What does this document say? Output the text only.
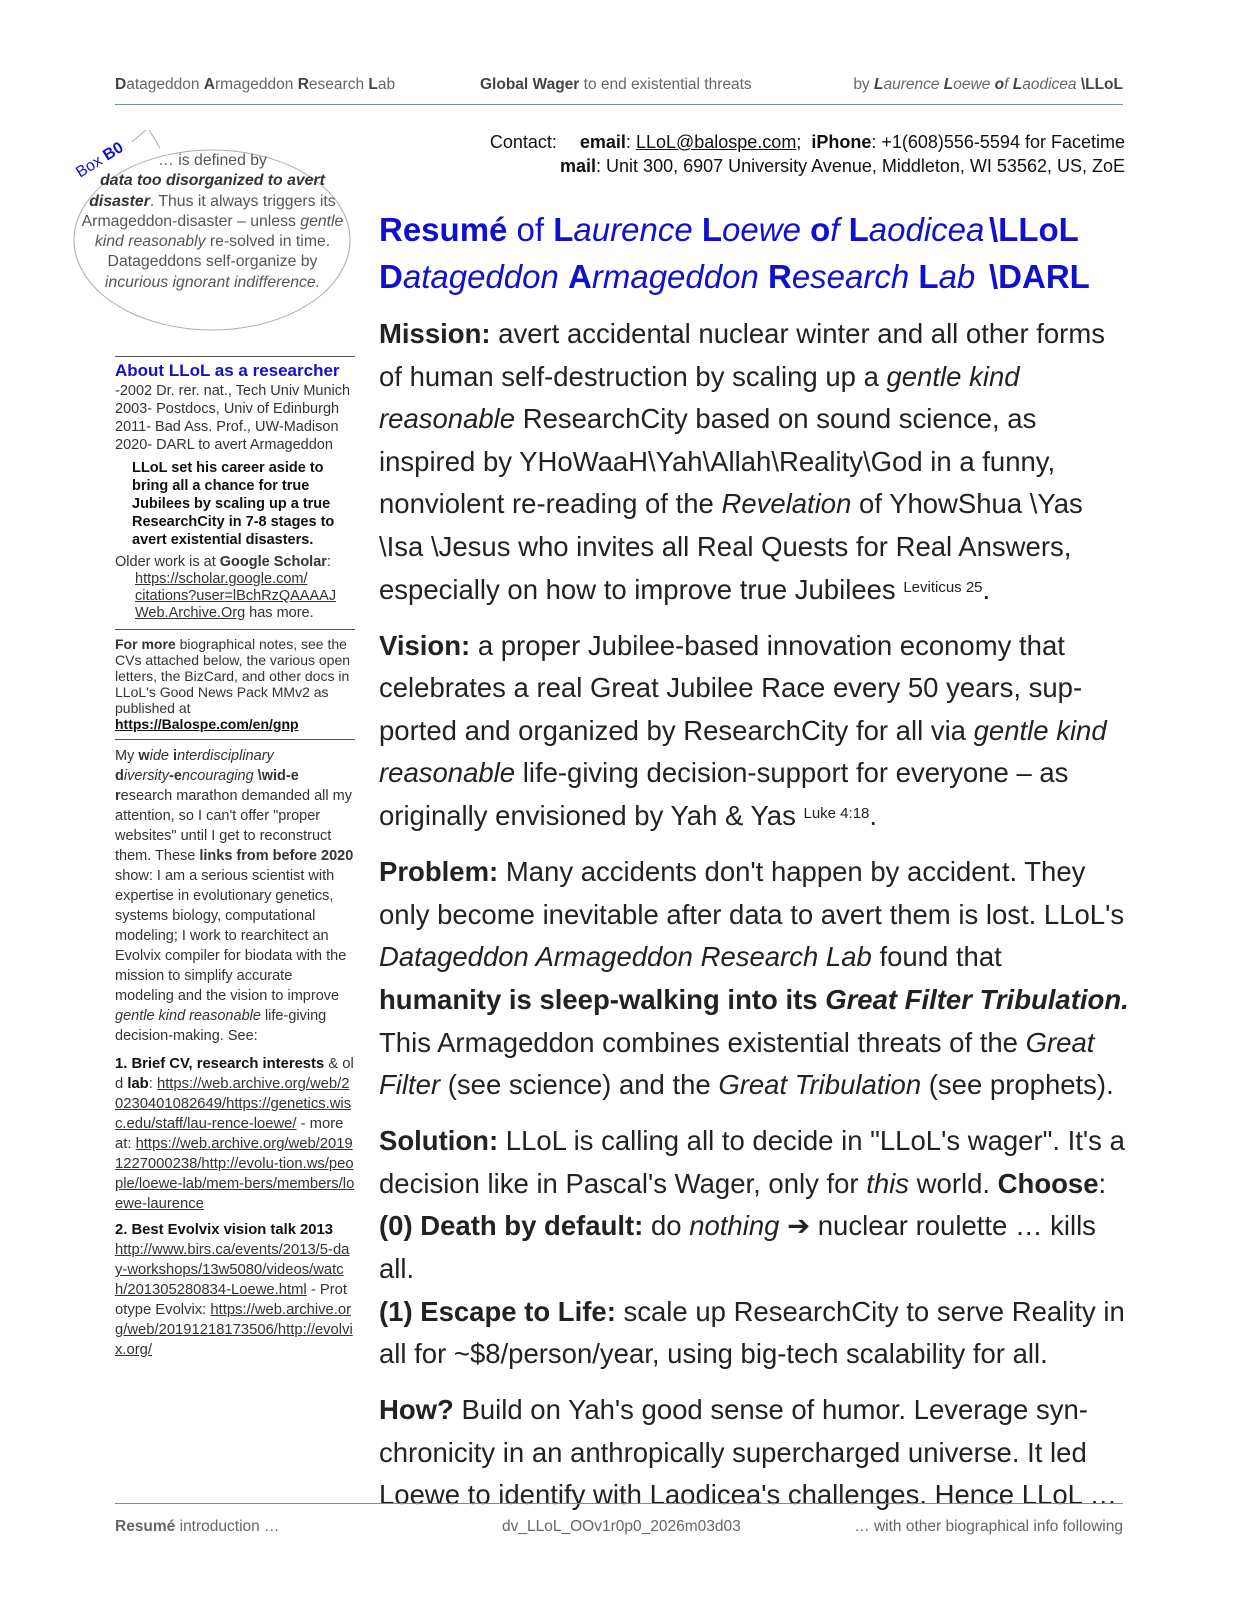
Datageddon Armageddon Research Lab	Global Wager to end existential threats	by Laurence Loewe of Laodicea \LLoL
Contact: email: LLoL@balospe.com;  iPhone: +1(608)556-5594 for Facetime
mail: Unit 300, 6907 University Avenue, Middleton, WI 53562, US, ZoE
Resumé of Laurence Loewe of Laodicea \LLoL
Datageddon Armageddon Research Lab \DARL
Box B0	… is defined by
data too disorganized to avert disaster. Thus it always triggers its Armageddon-disaster – unless gentle kind reasonably re-solved in time. Datageddons self-organize by incurious ignorant indifference.
About LLoL as a researcher
-2002 Dr. rer. nat., Tech Univ Munich
2003- Postdocs, Univ of Edinburgh
2011- Bad Ass. Prof., UW-Madison
2020- DARL to avert Armageddon
LLoL set his career aside to bring all a chance for true Jubilees by scaling up a true ResearchCity in 7-8 stages to avert existential disasters.
Older work is at Google Scholar:
https://scholar.google.com/ citations?user=lBchRzQAAAAJ
Web.Archive.Org has more.
For more biographical notes, see the CVs attached below, the various open letters, the BizCard, and other docs in LLoL's Good News Pack MMv2 as published at
https://Balospe.com/en/gnp
My wide interdisciplinary
diversity-encouraging \wid-e
research marathon demanded all my attention, so I can't offer "proper websites" until I get to reconstruct them. These links from before 2020 show: I am a serious scientist with expertise in evolutionary genetics, systems biology, computational modeling; I work to rearchitect an Evolvix compiler for biodata with the mission to simplify accurate modeling and the vision to improve gentle kind reasonable life-giving decision-making. See:
1. Brief CV, research interests & old lab: https://web.archive.org/web/20230401082649/https://genetics.wisc.edu/staff/lau-rence-loewe/ - more at: https://web.archive.org/web/20191227000238/http://evolu-tion.ws/people/loewe-lab/mem-bers/members/loewe-laurence
2. Best Evolvix vision talk 2013
http://www.birs.ca/events/2013/5-day-workshops/13w5080/videos/watch/201305280834-Loewe.html - Prototype Evolvix: https://web.archive.org/web/20191218173506/http://evolvix.org/

Mission: avert accidental nuclear winter and all other forms of human self-destruction by scaling up a gentle kind reasonable ResearchCity based on sound science, as inspired by YHoWaaH\Yah\Allah\Reality\God in a funny, nonviolent re-reading of the Revelation of YhowShua \Yas \Isa \Jesus who invites all Real Quests for Real Answers, especially on how to improve true Jubilees $^{Leviticus 25}$.

Vision: a proper Jubilee-based innovation economy that celebrates a real Great Jubilee Race every 50 years, sup-ported and organized by ResearchCity for all via gentle kind reasonable life-giving decision-support for everyone – as originally envisioned by Yah & Yas $^{Luke 4:18}$.

Problem: Many accidents don't happen by accident. They only become inevitable after data to avert them is lost. LLoL's Datageddon Armageddon Research Lab found that humanity is sleep-walking into its Great Filter Tribulation. This Armageddon combines existential threats of the Great Filter (see science) and the Great Tribulation (see prophets).

Solution: LLoL is calling all to decide in "LLoL's wager". It's a decision like in Pascal's Wager, only for this world. Choose:
(0) Death by default: do nothing ➔ nuclear roulette … kills all.
(1) Escape to Life: scale up ResearchCity to serve Reality in all for ~$8/person/year, using big-tech scalability for all.

How? Build on Yah's good sense of humor. Leverage syn-chronicity in an anthropically supercharged universe. It led Loewe to identify with Laodicea's challenges. Hence LLoL …

Resumé introduction …	dv_LLoL_OOv1r0p0_2026m03d03	… with other biographical info following
